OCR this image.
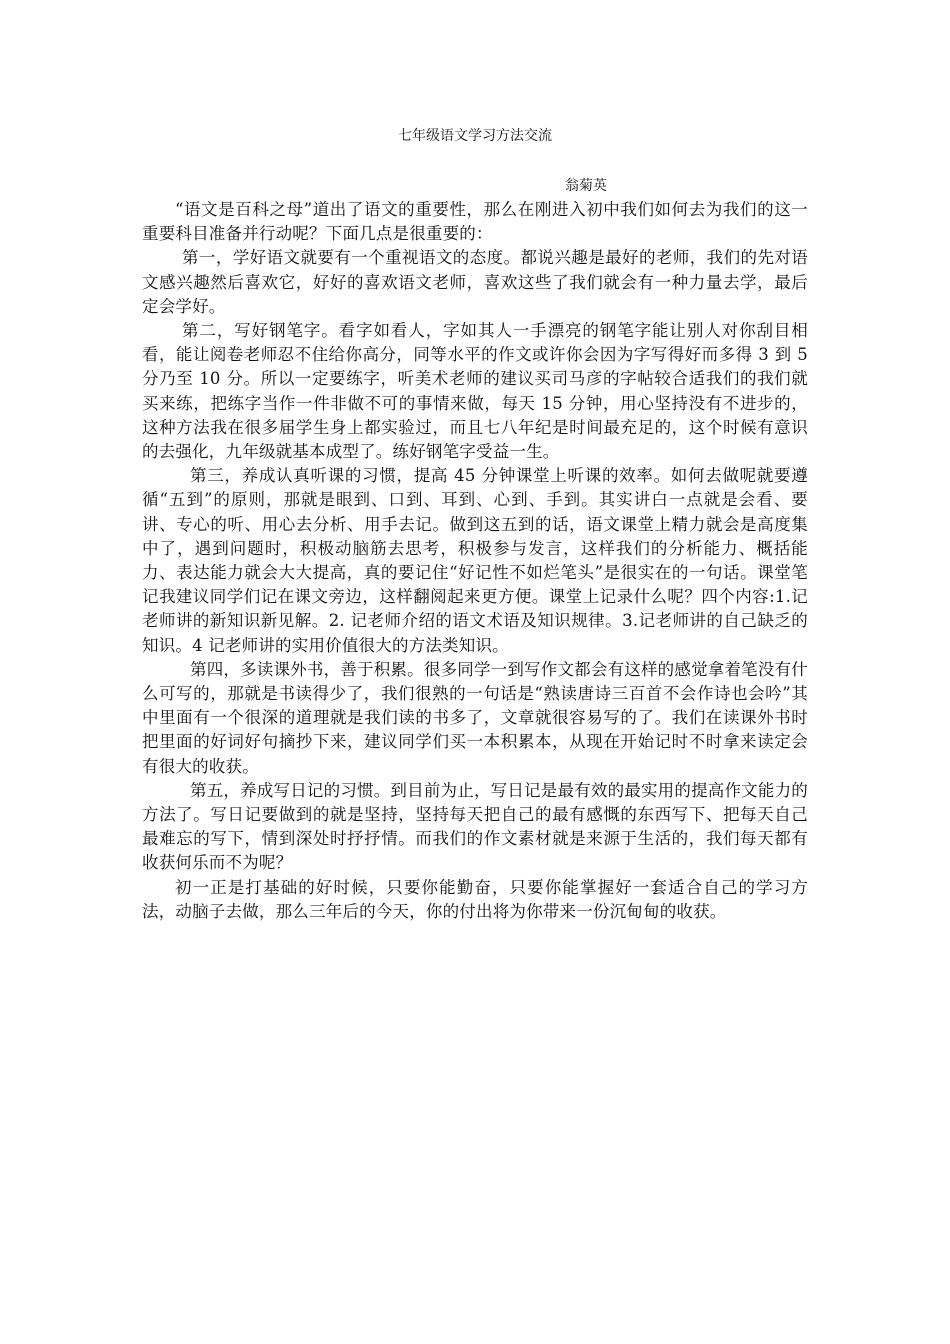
七年级语文学习方法交流
翁菊英

“语文是百科之母”道出了语文的重要性，那么在刚进入初中我们如何去为我们的这一重要科目准备并行动呢？下面几点是很重要的：

第一，学好语文就要有一个重视语文的态度。都说兴趣是最好的老师，我们的先对语文感兴趣然后喜欢它，好好的喜欢语文老师，喜欢这些了我们就会有一种力量去学，最后定会学好。

第二，写好钢笔字。看字如看人，字如其人一手漂亮的钢笔字能让别人对你刮目相看，能让阅卷老师忍不住给你高分，同等水平的作文或许你会因为字写得好而多得 3 到 5 分乃至 10 分。所以一定要练字，听美术老师的建议买司马彦的字帖较合适我们的我们就买来练，把练字当作一件非做不可的事情来做，每天 15 分钟，用心坚持没有不进步的，这种方法我在很多届学生身上都实验过，而且七八年纪是时间最充足的，这个时候有意识的去强化，九年级就基本成型了。练好钢笔字受益一生。

第三，养成认真听课的习惯，提高 45 分钟课堂上听课的效率。如何去做呢就要遵循“五到”的原则，那就是眼到、口到、耳到、心到、手到。其实讲白一点就是会看、要讲、专心的听、用心去分析、用手去记。做到这五到的话，语文课堂上精力就会是高度集中了，遇到问题时，积极动脑筋去思考，积极参与发言，这样我们的分析能力、概括能力、表达能力就会大大提高，真的要记住“好记性不如烂笔头”是很实在的一句话。课堂笔记我建议同学们记在课文旁边，这样翻阅起来更方便。课堂上记录什么呢？四个内容:1.记老师讲的新知识新见解。2. 记老师介绍的语文术语及知识规律。3.记老师讲的自己缺乏的知识。4 记老师讲的实用价值很大的方法类知识。

第四，多读课外书，善于积累。很多同学一到写作文都会有这样的感觉拿着笔没有什么可写的，那就是书读得少了，我们很熟的一句话是“熟读唐诗三百首不会作诗也会吟”其中里面有一个很深的道理就是我们读的书多了，文章就很容易写的了。我们在读课外书时把里面的好词好句摘抄下来，建议同学们买一本积累本，从现在开始记时不时拿来读定会有很大的收获。

第五，养成写日记的习惯。到目前为止，写日记是最有效的最实用的提高作文能力的方法了。写日记要做到的就是坚持，坚持每天把自己的最有感慨的东西写下、把每天自己最难忘的写下，情到深处时抒抒情。而我们的作文素材就是来源于生活的，我们每天都有收获何乐而不为呢？

初一正是打基础的好时候，只要你能勤奋，只要你能掌握好一套适合自己的学习方法，动脑子去做，那么三年后的今天，你的付出将为你带来一份沉甸甸的收获。
